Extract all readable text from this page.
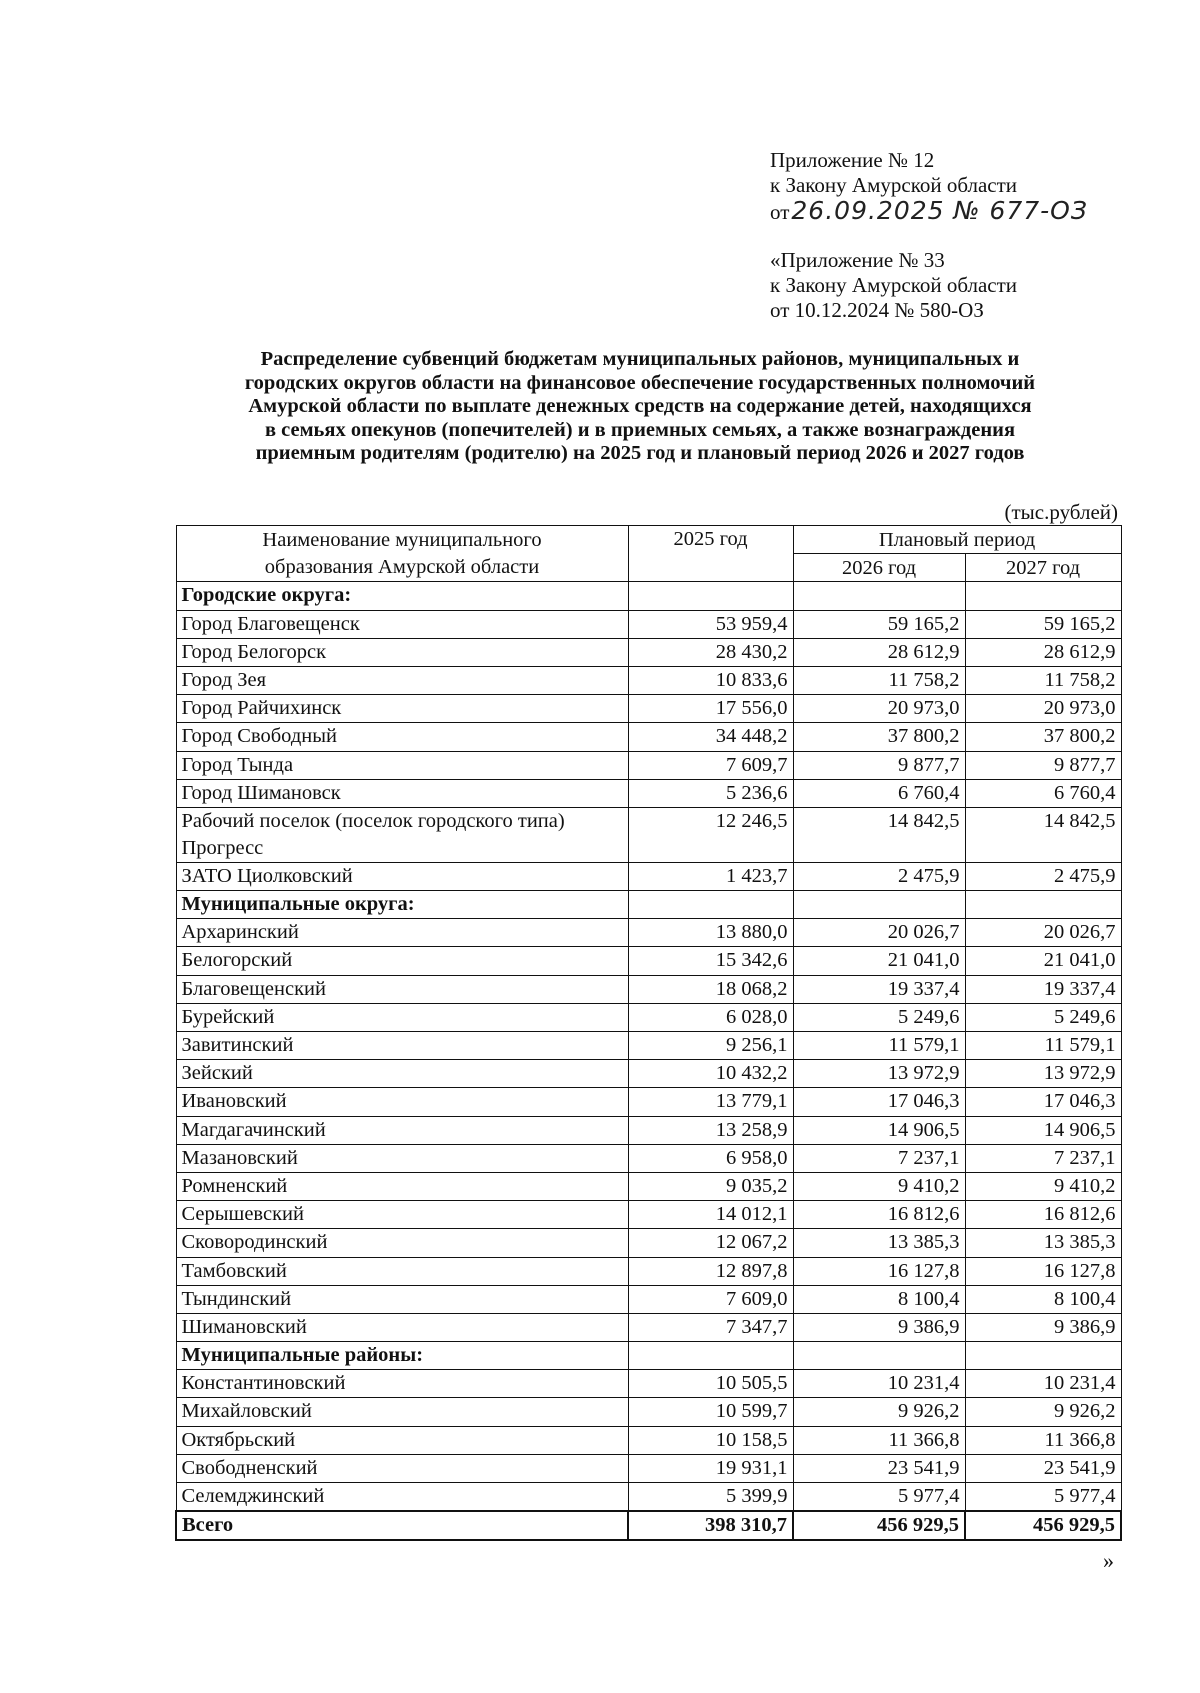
Приложение № 12
к Закону Амурской области
от 26.09.2025 № 677-ОЗ
«Приложение № 33
к Закону Амурской области
от 10.12.2024 № 580-ОЗ
Распределение субвенций бюджетам муниципальных районов, муниципальных и
городских округов области на финансовое обеспечение государственных полномочий
Амурской области по выплате денежных средств на содержание детей, находящихся
в семьях опекунов (попечителей) и в приемных семьях, а также вознаграждения
приемным родителям (родителю) на 2025 год и плановый период 2026 и 2027 годов
(тыс.рублей)
Наименование муниципального
образования Амурской области	2025 год	Плановый период	
		2026 год	2027 год
Городские округа:			
Город Благовещенск	53 959,4	59 165,2	59 165,2
Город Белогорск	28 430,2	28 612,9	28 612,9
Город Зея	10 833,6	11 758,2	11 758,2
Город Райчихинск	17 556,0	20 973,0	20 973,0
Город Свободный	34 448,2	37 800,2	37 800,2
Город Тында	7 609,7	9 877,7	9 877,7
Город Шимановск	5 236,6	6 760,4	6 760,4
Рабочий поселок (поселок городского типа) Прогресс	12 246,5	14 842,5	14 842,5
ЗАТО Циолковский	1 423,7	2 475,9	2 475,9
Муниципальные округа:			
Архаринский	13 880,0	20 026,7	20 026,7
Белогорский	15 342,6	21 041,0	21 041,0
Благовещенский	18 068,2	19 337,4	19 337,4
Бурейский	6 028,0	5 249,6	5 249,6
Завитинский	9 256,1	11 579,1	11 579,1
Зейский	10 432,2	13 972,9	13 972,9
Ивановский	13 779,1	17 046,3	17 046,3
Магдагачинский	13 258,9	14 906,5	14 906,5
Мазановский	6 958,0	7 237,1	7 237,1
Ромненский	9 035,2	9 410,2	9 410,2
Серышевский	14 012,1	16 812,6	16 812,6
Сковородинский	12 067,2	13 385,3	13 385,3
Тамбовский	12 897,8	16 127,8	16 127,8
Тындинский	7 609,0	8 100,4	8 100,4
Шимановский	7 347,7	9 386,9	9 386,9
Муниципальные районы:			
Константиновский	10 505,5	10 231,4	10 231,4
Михайловский	10 599,7	9 926,2	9 926,2
Октябрьский	10 158,5	11 366,8	11 366,8
Свободненский	19 931,1	23 541,9	23 541,9
Селемджинский	5 399,9	5 977,4	5 977,4
Всего	398 310,7	456 929,5	456 929,5
»
